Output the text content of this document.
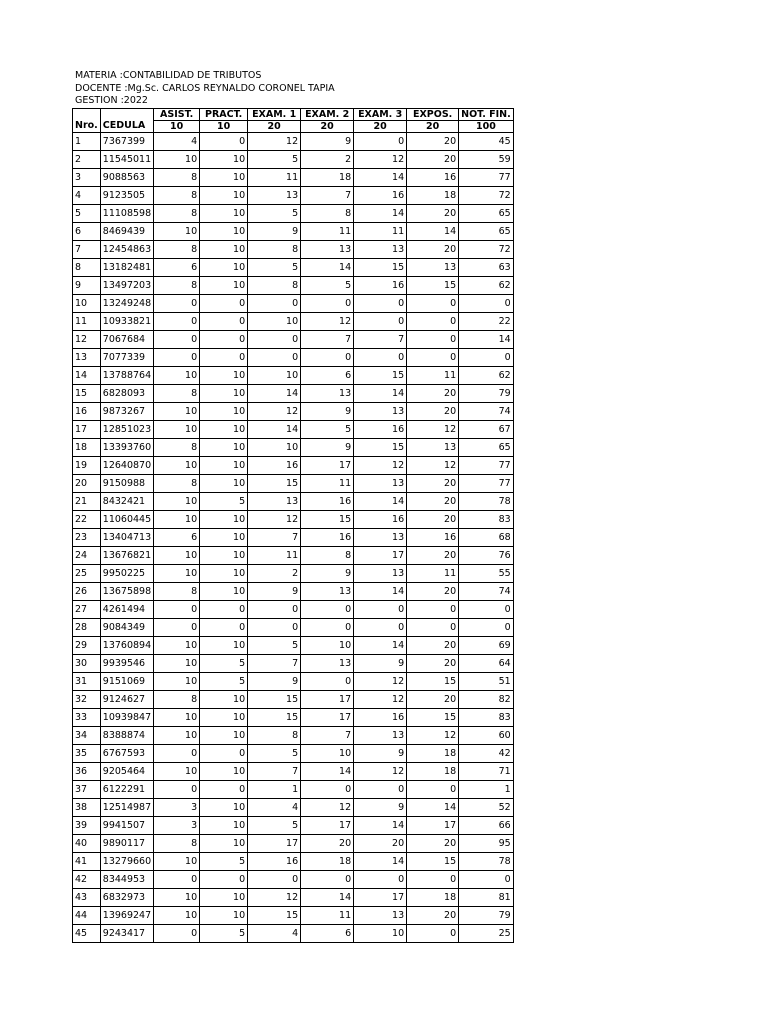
MATERIA :CONTABILIDAD DE TRIBUTOS
DOCENTE :Mg.Sc. CARLOS REYNALDO CORONEL TAPIA
GESTION :2022
		ASIST.	PRACT.	EXAM. 1	EXAM. 2	EXAM. 3	EXPOS.	NOT. FIN.
Nro.	CEDULA	10	10	20	20	20	20	100
1	7367399	4	0	12	9	0	20	45
2	11545011	10	10	5	2	12	20	59
3	9088563	8	10	11	18	14	16	77
4	9123505	8	10	13	7	16	18	72
5	11108598	8	10	5	8	14	20	65
6	8469439	10	10	9	11	11	14	65
7	12454863	8	10	8	13	13	20	72
8	13182481	6	10	5	14	15	13	63
9	13497203	8	10	8	5	16	15	62
10	13249248	0	0	0	0	0	0	0
11	10933821	0	0	10	12	0	0	22
12	7067684	0	0	0	7	7	0	14
13	7077339	0	0	0	0	0	0	0
14	13788764	10	10	10	6	15	11	62
15	6828093	8	10	14	13	14	20	79
16	9873267	10	10	12	9	13	20	74
17	12851023	10	10	14	5	16	12	67
18	13393760	8	10	10	9	15	13	65
19	12640870	10	10	16	17	12	12	77
20	9150988	8	10	15	11	13	20	77
21	8432421	10	5	13	16	14	20	78
22	11060445	10	10	12	15	16	20	83
23	13404713	6	10	7	16	13	16	68
24	13676821	10	10	11	8	17	20	76
25	9950225	10	10	2	9	13	11	55
26	13675898	8	10	9	13	14	20	74
27	4261494	0	0	0	0	0	0	0
28	9084349	0	0	0	0	0	0	0
29	13760894	10	10	5	10	14	20	69
30	9939546	10	5	7	13	9	20	64
31	9151069	10	5	9	0	12	15	51
32	9124627	8	10	15	17	12	20	82
33	10939847	10	10	15	17	16	15	83
34	8388874	10	10	8	7	13	12	60
35	6767593	0	0	5	10	9	18	42
36	9205464	10	10	7	14	12	18	71
37	6122291	0	0	1	0	0	0	1
38	12514987	3	10	4	12	9	14	52
39	9941507	3	10	5	17	14	17	66
40	9890117	8	10	17	20	20	20	95
41	13279660	10	5	16	18	14	15	78
42	8344953	0	0	0	0	0	0	0
43	6832973	10	10	12	14	17	18	81
44	13969247	10	10	15	11	13	20	79
45	9243417	0	5	4	6	10	0	25
